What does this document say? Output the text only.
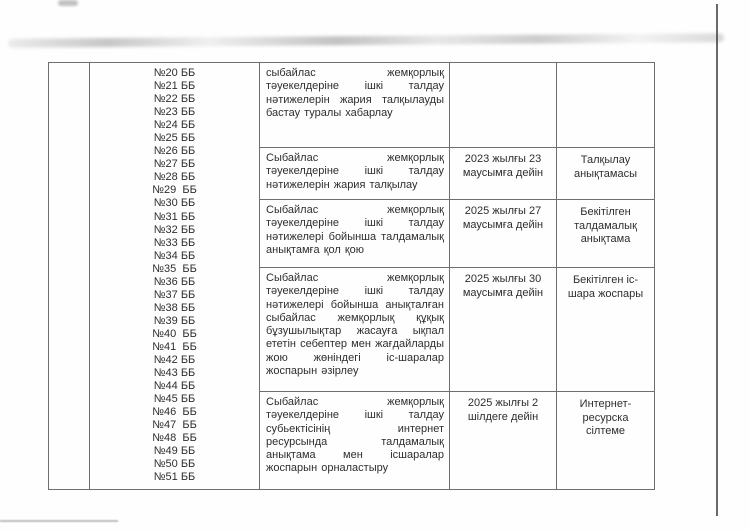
№20 ББ
№21 ББ
№22 ББ
№23 ББ
№24 ББ
№25 ББ
№26 ББ
№27 ББ
№28 ББ
№29  ББ
№30 ББ
№31 ББ
№32 ББ
№33 ББ
№34 ББ
№35  ББ
№36 ББ
№37 ББ
№38 ББ
№39 ББ
№40  ББ
№41  ББ
№42 ББ
№43 ББ
№44 ББ
№45 ББ
№46  ББ
№47  ББ
№48  ББ
№49 ББ
№50 ББ
№51 ББ
сыбайлас жемқорлық тәуекелдеріне ішкі талдау нәтижелерін жария талқылауды бастау туралы хабарлау
Сыбайлас жемқорлық тәуекелдеріне ішкі талдау нәтижелерін жария талқылау
2023 жылғы 23 маусымға дейін
Талқылау анықтамасы
Сыбайлас жемқорлық тәуекелдеріне ішкі талдау нәтижелері бойынша талдамалық анықтамға қол қою
2025 жылғы 27 маусымға дейін
Бекітілген талдамалық анықтама
Сыбайлас жемқорлық тәуекелдеріне ішкі талдау нәтижелері бойынша анықталған сыбайлас жемқорлық құқық бұзушылықтар жасауға ықпал ететін себептер мен жағдайларды жою жөніндегі іс-шаралар жоспарын әзірлеу
2025 жылғы 30 маусымға дейін
Бекітілген іс-шара жоспары
Сыбайлас жемқорлық тәуекелдеріне ішкі талдау субьектісінің интернет ресурсында талдамалық анықтама мен ісшаралар жоспарын орналастыру
2025 жылғы 2 шілдеге дейін
Интернет-ресурска сілтеме
